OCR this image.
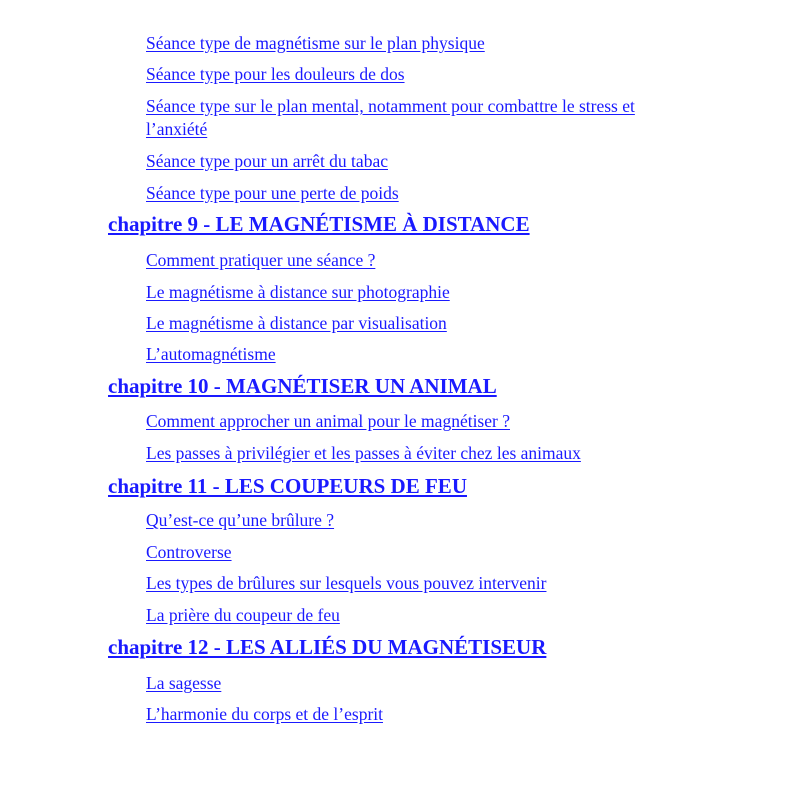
Séance type de magnétisme sur le plan physique
Séance type pour les douleurs de dos
Séance type sur le plan mental, notamment pour combattre le stress et l’anxiété
Séance type pour un arrêt du tabac
Séance type pour une perte de poids
chapitre 9 - LE MAGNÉTISME À DISTANCE
Comment pratiquer une séance ?
Le magnétisme à distance sur photographie
Le magnétisme à distance par visualisation
L’automagnétisme
chapitre 10 - MAGNÉTISER UN ANIMAL
Comment approcher un animal pour le magnétiser ?
Les passes à privilégier et les passes à éviter chez les animaux
chapitre 11 - LES COUPEURS DE FEU
Qu’est-ce qu’une brûlure ?
Controverse
Les types de brûlures sur lesquels vous pouvez intervenir
La prière du coupeur de feu
chapitre 12 - LES ALLIÉS DU MAGNÉTISEUR
La sagesse
L’harmonie du corps et de l’esprit
